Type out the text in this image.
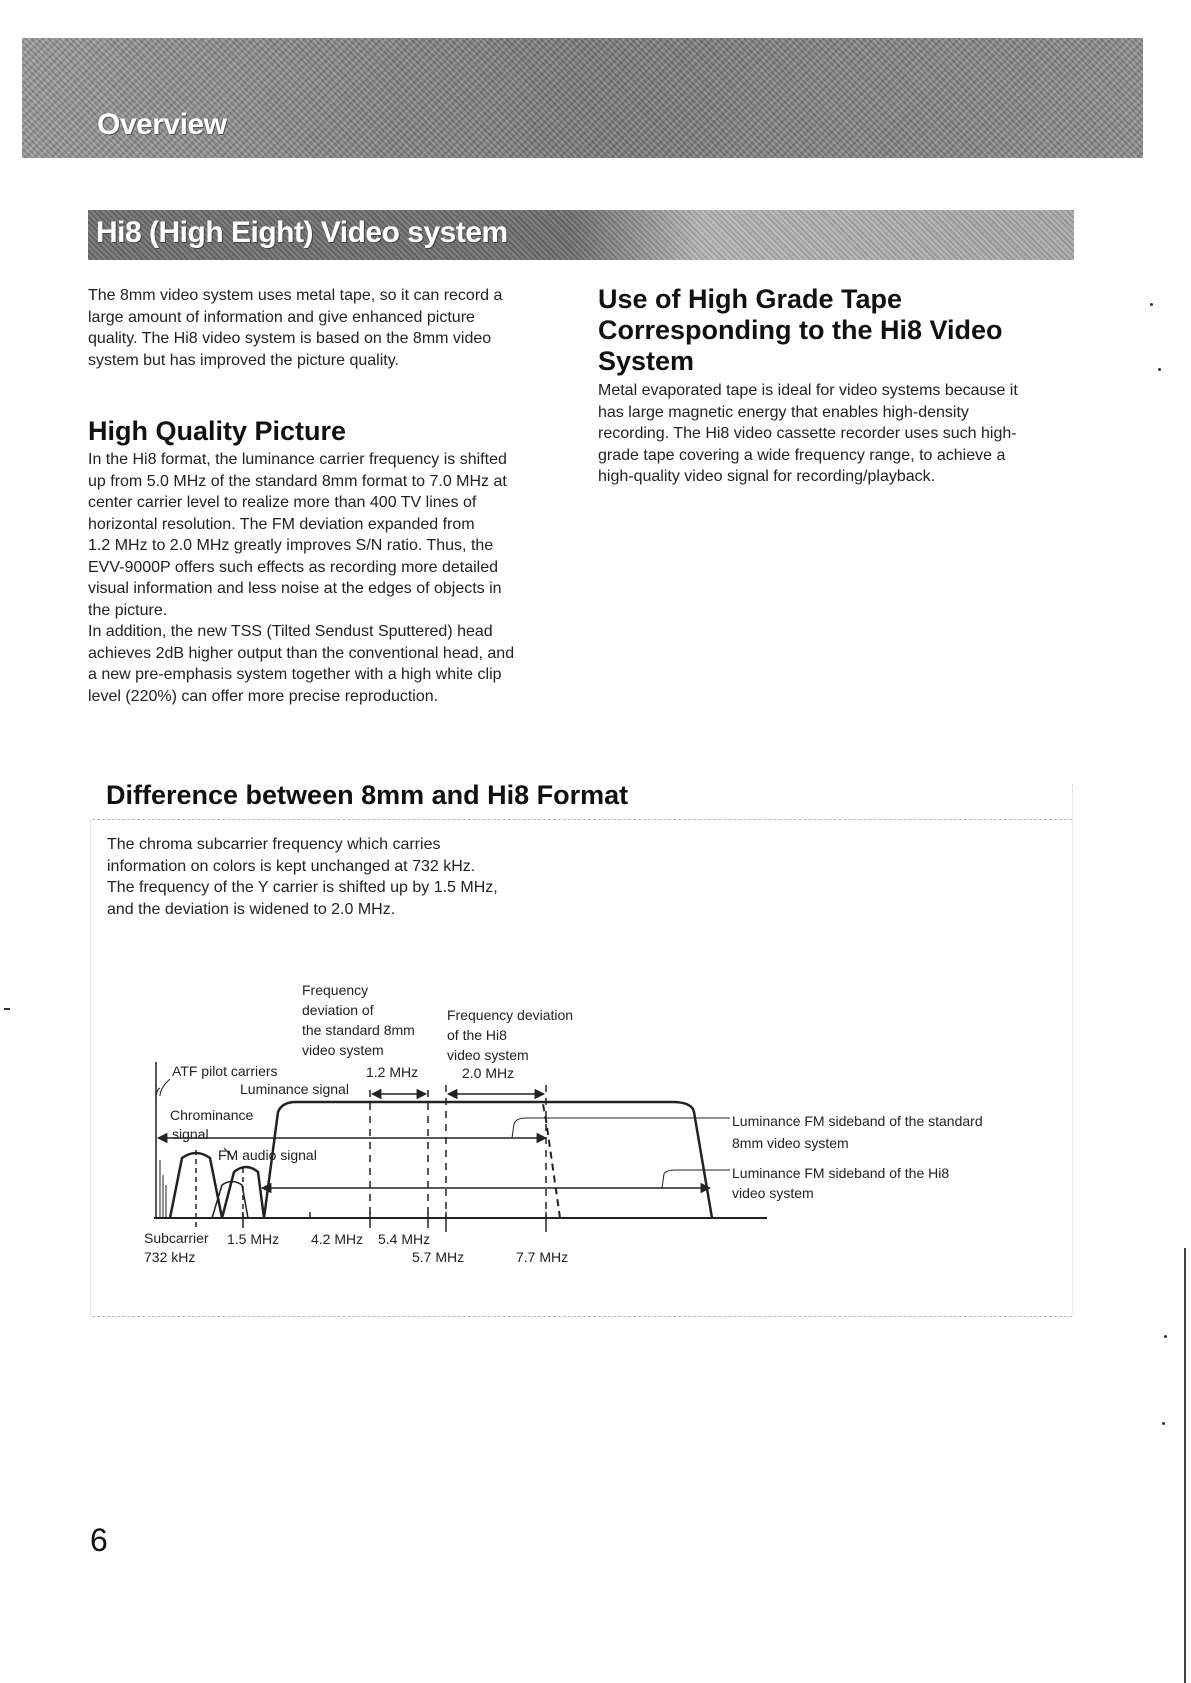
Overview
Hi8 (High Eight) Video system
The 8mm video system uses metal tape, so it can record a
large amount of information and give enhanced picture
quality. The Hi8 video system is based on the 8mm video
system but has improved the picture quality.
High Quality Picture
In the Hi8 format, the luminance carrier frequency is shifted
up from 5.0 MHz of the standard 8mm format to 7.0 MHz at
center carrier level to realize more than 400 TV lines of
horizontal resolution. The FM deviation expanded from
1.2 MHz to 2.0 MHz greatly improves S/N ratio. Thus, the
EVV-9000P offers such effects as recording more detailed
visual information and less noise at the edges of objects in
the picture.
In addition, the new TSS (Tilted Sendust Sputtered) head
achieves 2dB higher output than the conventional head, and
a new pre-emphasis system together with a high white clip
level (220%) can offer more precise reproduction.
Use of High Grade Tape
Corresponding to the Hi8 Video
System
Metal evaporated tape is ideal for video systems because it
has large magnetic energy that enables high-density
recording. The Hi8 video cassette recorder uses such high-
grade tape covering a wide frequency range, to achieve a
high-quality video signal for recording/playback.
Difference between 8mm and Hi8 Format
The chroma subcarrier frequency which carries
information on colors is kept unchanged at 732 kHz.
The frequency of the Y carrier is shifted up by 1.5 MHz,
and the deviation is widened to 2.0 MHz.
Frequency
deviation of
the standard 8mm
video system
1.2 MHz
Frequency deviation
of the Hi8
video system
2.0 MHz
ATF pilot carriers
Luminance signal
Chrominance
signal
FM audio signal
Luminance FM sideband of the standard
8mm video system
Luminance FM sideband of the Hi8
video system
Subcarrier
732 kHz
1.5 MHz 4.2 MHz 5.4 MHz
5.7 MHz	7.7 MHz
6
